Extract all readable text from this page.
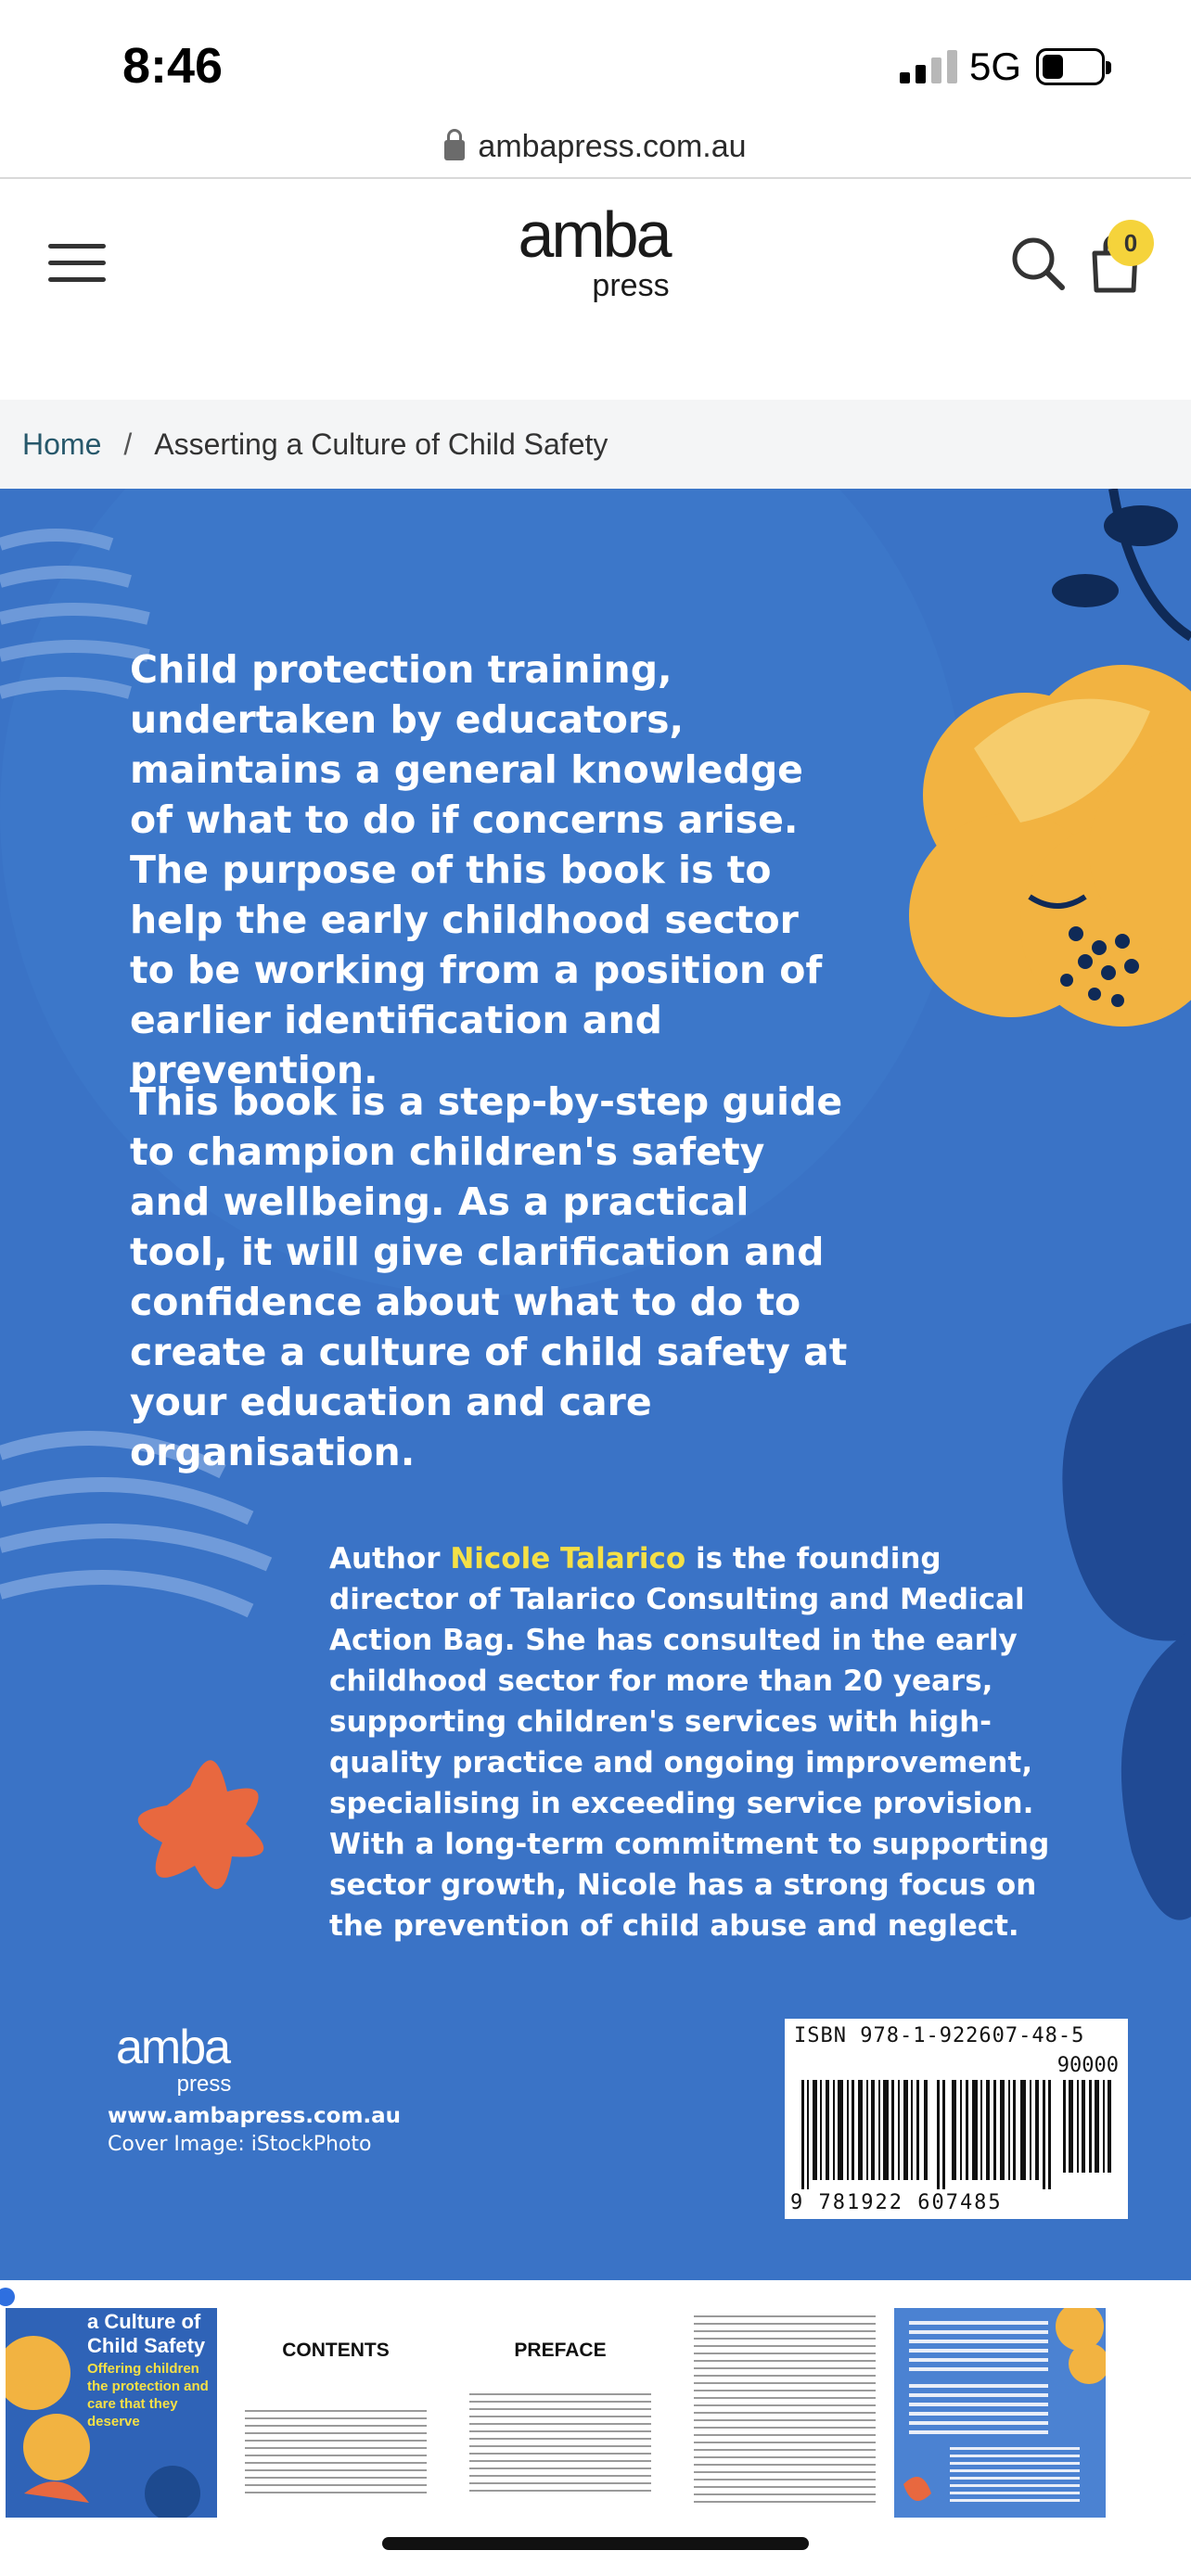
8:46	5G
ambapress.com.au
amba
press
0
Home / Asserting a Culture of Child Safety
Child protection training, undertaken by educators, maintains a general knowledge of what to do if concerns arise. The purpose of this book is to help the early childhood sector to be working from a position of earlier identification and prevention.
This book is a step-by-step guide to champion children's safety and wellbeing. As a practical tool, it will give clarification and confidence about what to do to create a culture of child safety at your education and care organisation.
Author Nicole Talarico is the founding director of Talarico Consulting and Medical Action Bag. She has consulted in the early childhood sector for more than 20 years, supporting children's services with high-quality practice and ongoing improvement, specialising in exceeding service provision. With a long-term commitment to supporting sector growth, Nicole has a strong focus on the prevention of child abuse and neglect.
amba
press
www.ambapress.com.au
Cover Image: iStockPhoto
ISBN 978-1-922607-48-5
90000
9 781922 607485
a Culture of Child Safety
Offering children the protection and care that they deserve
CONTENTS	PREFACE
